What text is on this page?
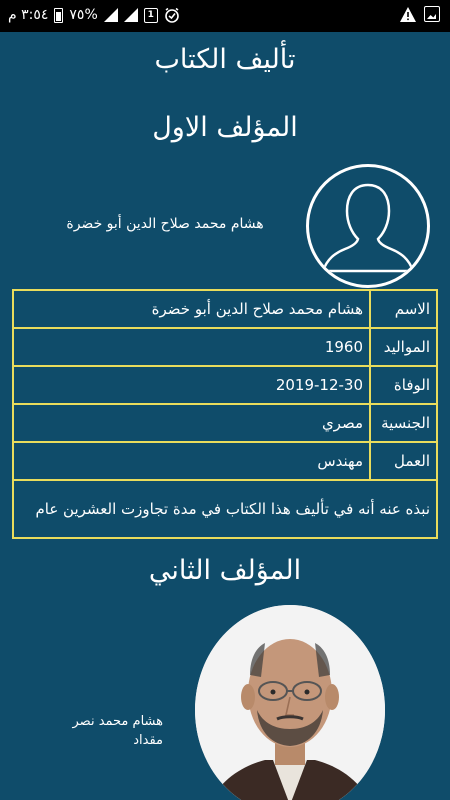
٣:٥٤ م %٧٥	1
تأليف الكتاب
المؤلف الاول
هشام محمد صلاح الدين أبو خضرة
الاسم	هشام محمد صلاح الدين أبو خضرة
المواليد	1960
الوفاة	2019-12-30
الجنسية	مصري
العمل	مهندس
نبذه عنه أنه في تأليف هذا الكتاب في مدة تجاوزت العشرين عام	
المؤلف الثاني
هشام محمد نصر مقداد
